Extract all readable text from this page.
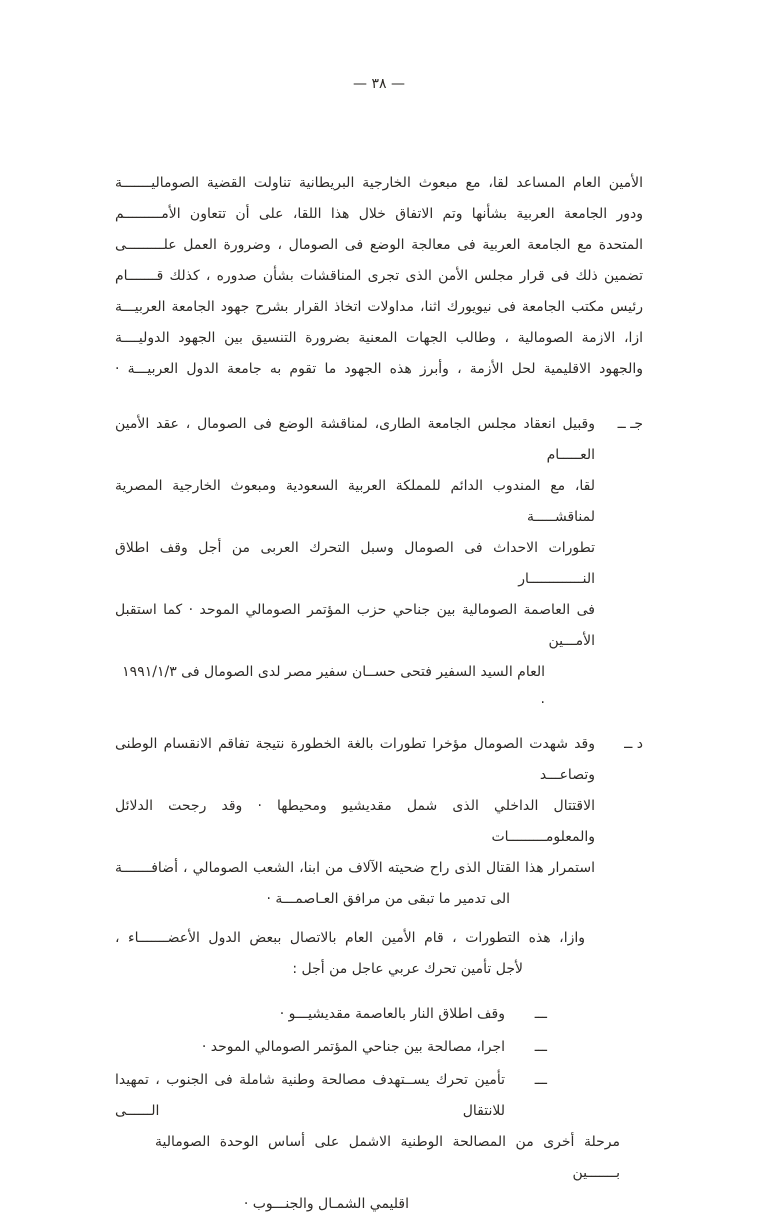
— ٣٨ —
الأمين العام المساعد لقا، مع مبعوث الخارجية البريطانية تناولت القضية الصوماليـــــــة
ودور الجامعة العربية بشأنها وتم الاتفاق خلال هذا اللقا، على أن تتعاون الأمـــــــــم
المتحدة مع الجامعة العربية فى معالجة الوضع فى الصومال ، وضرورة العمل علـــــــــى
تضمين ذلك فى قرار مجلس الأمن الذى تجرى المناقشات بشأن صدوره ، كذلك قـــــــام
رئيس مكتب الجامعة فى نيويورك اثنا، مداولات اتخاذ القرار بشرح جهود الجامعة العربيـــة
ازا، الازمة الصومالية ، وطالب الجهات المعنية بضرورة التنسيق بين الجهود الدوليــــة
والجهود الاقليمية لحل الأزمة ، وأبرز هذه الجهود ما تقوم به جامعة الدول العربيـــة ·
جـ ــ
وقبيل انعقاد مجلس الجامعة الطارى، لمناقشة الوضع فى الصومال ، عقد الأمين العـــــام
لقا، مع المندوب الدائم للمملكة العربية السعودية ومبعوث الخارجية المصرية لمناقشـــــة
تطورات الاحداث فى الصومال وسبل التحرك العربى من أجل وقف اطلاق النـــــــــــــار
فى العاصمة الصومالية بين جناحي حزب المؤتمر الصومالي الموحد · كما استقبل الأمـــين
العام السيد السفير فتحى حســان سفير مصر لدى الصومال فى ١٩٩١/١/٣ ·
د ــ
وقد شهدت الصومال مؤخرا تطورات بالغة الخطورة نتيجة تفاقم الانقسام الوطنى وتصاعـــد
الاقتتال الداخلي الذى شمل مقديشيو ومحيطها · وقد رجحت الدلائل والمعلومـــــــــات
استمرار هذا القتال الذى راح ضحيته الآلاف من ابنا، الشعب الصومالي ، أضافـــــــة
الى تدمير ما تبقى من مرافق العـاصمـــة ·
وازا، هذه التطورات ، قام الأمين العام بالاتصال ببعض الدول الأعضـــــــاء ،
لأجل تأمين تحرك عربي عاجل من أجل :
ـــ
وقف اطلاق النار بالعاصمة مقديشيـــو ·
ـــ
اجرا، مصالحة بين جناحي المؤتمر الصومالي الموحد ·
ـــ
تأمين تحرك يســتهدف مصالحة وطنية شاملة فى الجنوب ، تمهيدا للانتقال الــــــى
مرحلة أخرى من المصالحة الوطنية الاشمل على أساس الوحدة الصومالية بـــــــين
اقليمي الشمـال والجنـــوب ·
